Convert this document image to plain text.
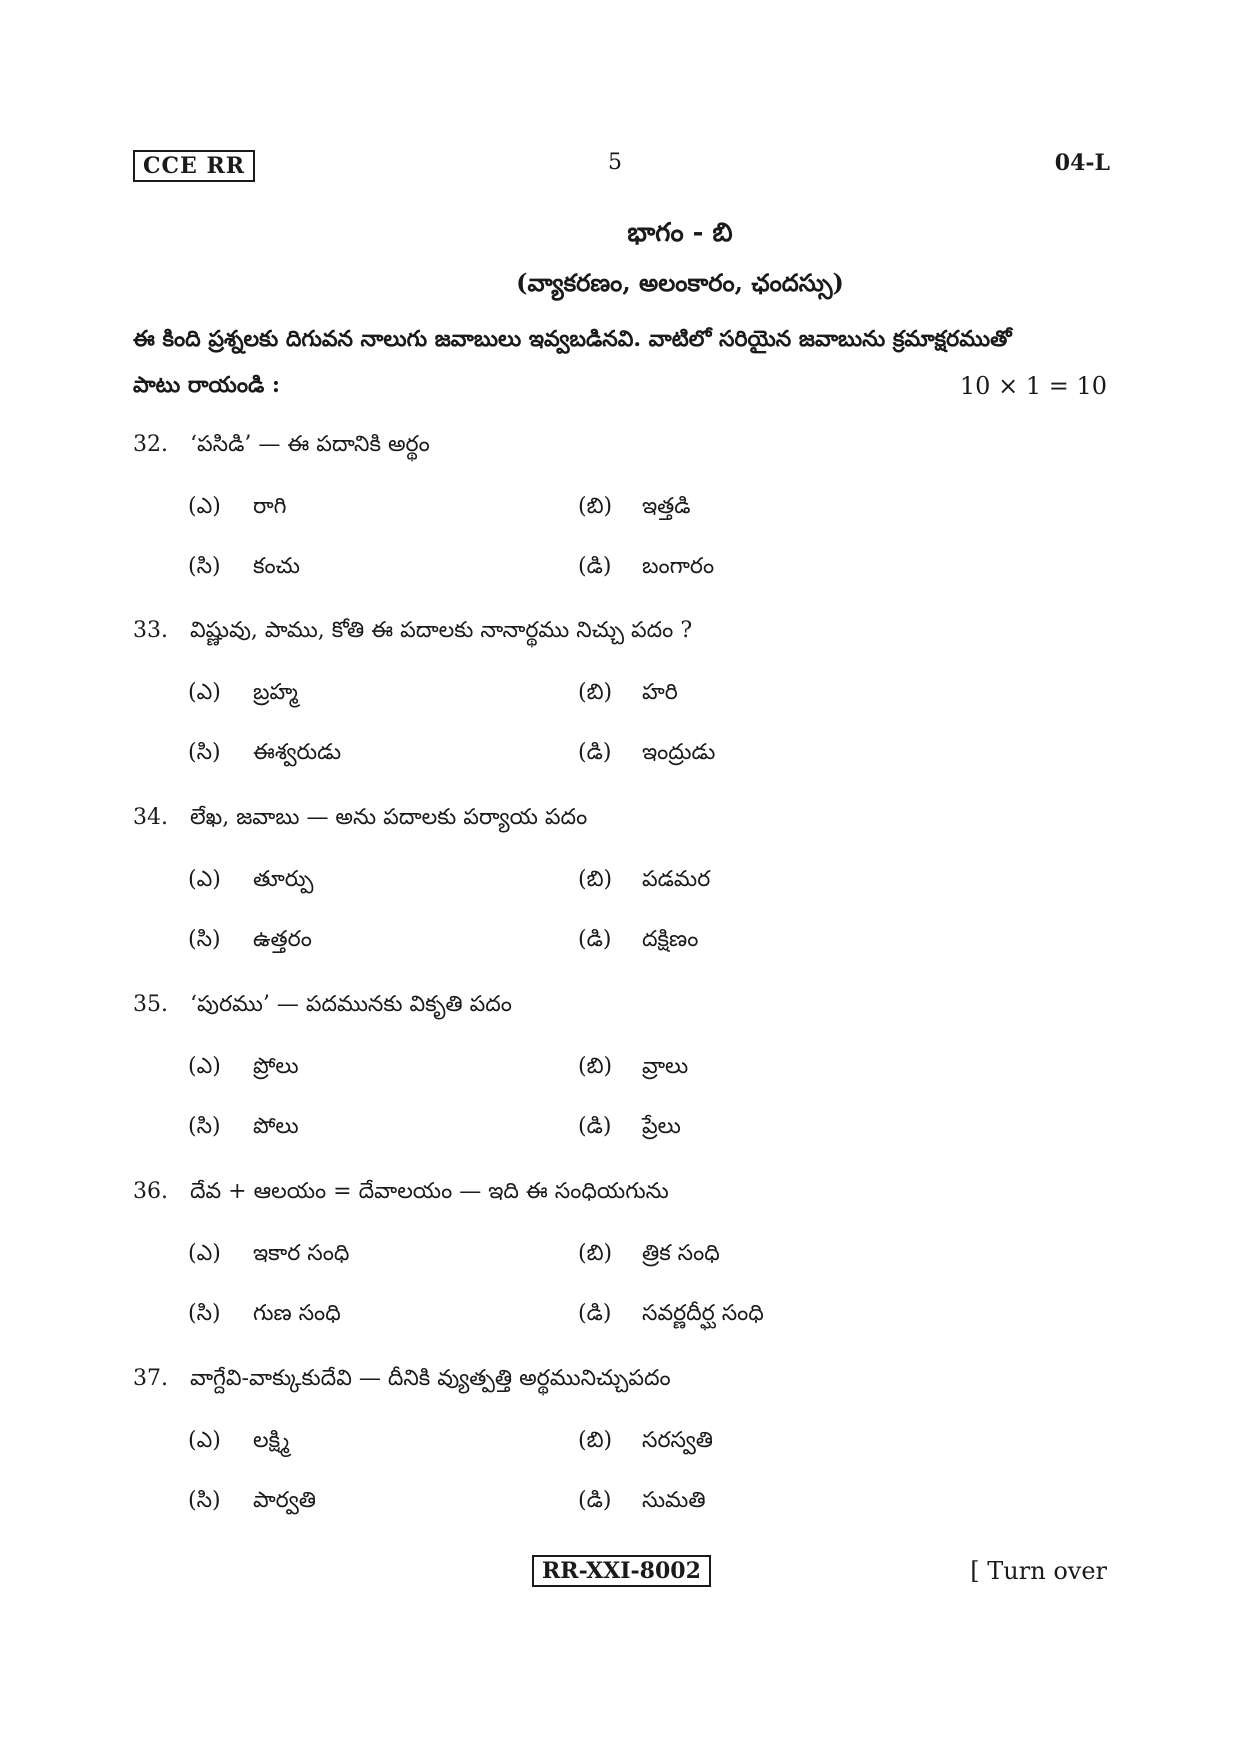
CCE RR	5	04-L
భాగం - బి
(వ్యాకరణం, అలంకారం, ఛందస్సు)
ఈ కింది ప్రశ్నలకు దిగువన నాలుగు జవాబులు ఇవ్వబడినవి. వాటిలో సరియైన జవాబును క్రమాక్షరముతో
పాటు రాయండి :	10 × 1 = 10
32. ‘పసిడి’ — ఈ పదానికి అర్థం
(ఎ) రాగి	(బి) ఇత్తడి
(సి) కంచు	(డి) బంగారం
33. విష్ణువు, పాము, కోతి ఈ పదాలకు నానార్థము నిచ్చు పదం ?
(ఎ) బ్రహ్మ	(బి) హరి
(సి) ఈశ్వరుడు	(డి) ఇంద్రుడు
34. లేఖ, జవాబు — అను పదాలకు పర్యాయ పదం
(ఎ) తూర్పు	(బి) పడమర
(సి) ఉత్తరం	(డి) దక్షిణం
35. ‘పురము’ — పదమునకు వికృతి పదం
(ఎ) ప్రోలు	(బి) వ్రాలు
(సి) పోలు	(డి) ప్రేలు
36. దేవ + ఆలయం = దేవాలయం — ఇది ఈ సంధియగును
(ఎ) ఇకార సంధి	(బి) త్రిక సంధి
(సి) గుణ సంధి	(డి) సవర్ణదీర్ఘ సంధి
37. వాగ్దేవి-వాక్కుకుదేవి — దీనికి వ్యుత్పత్తి అర్థమునిచ్చుపదం
(ఎ) లక్ష్మి	(బి) సరస్వతి
(సి) పార్వతి	(డి) సుమతి
RR-XXI-8002	[ Turn over
